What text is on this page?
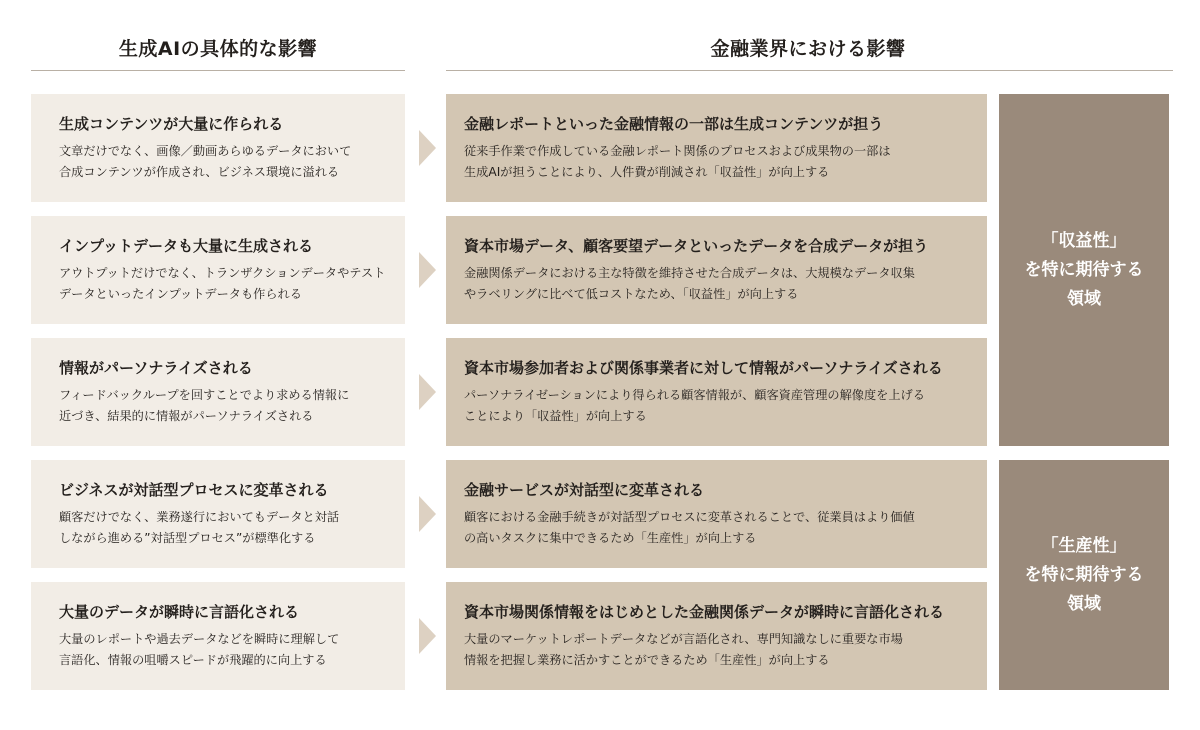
生成AIの具体的な影響	金融業界における影響
生成コンテンツが大量に作られる
文章だけでなく、画像／動画あらゆるデータにおいて
合成コンテンツが作成され、ビジネス環境に溢れる
金融レポートといった金融情報の一部は生成コンテンツが担う
従来手作業で作成している金融レポート関係のプロセスおよび成果物の一部は
生成AIが担うことにより、人件費が削減され「収益性」が向上する
インプットデータも大量に生成される
アウトプットだけでなく、トランザクションデータやテスト
データといったインプットデータも作られる
資本市場データ、顧客要望データといったデータを合成データが担う
金融関係データにおける主な特徴を維持させた合成データは、大規模なデータ収集
やラベリングに比べて低コストなため、「収益性」が向上する
情報がパーソナライズされる
フィードバックループを回すことでより求める情報に
近づき、結果的に情報がパーソナライズされる
資本市場参加者および関係事業者に対して情報がパーソナライズされる
パーソナライゼーションにより得られる顧客情報が、顧客資産管理の解像度を上げる
ことにより「収益性」が向上する
ビジネスが対話型プロセスに変革される
顧客だけでなく、業務遂行においてもデータと対話
しながら進める”対話型プロセス”が標準化する
金融サービスが対話型に変革される
顧客における金融手続きが対話型プロセスに変革されることで、従業員はより価値
の高いタスクに集中できるため「生産性」が向上する
大量のデータが瞬時に言語化される
大量のレポートや過去データなどを瞬時に理解して
言語化、情報の咀嚼スピードが飛躍的に向上する
資本市場関係情報をはじめとした金融関係データが瞬時に言語化される
大量のマーケットレポートデータなどが言語化され、専門知識なしに重要な市場
情報を把握し業務に活かすことができるため「生産性」が向上する
「収益性」
を特に期待する
領域
「生産性」
を特に期待する
領域
